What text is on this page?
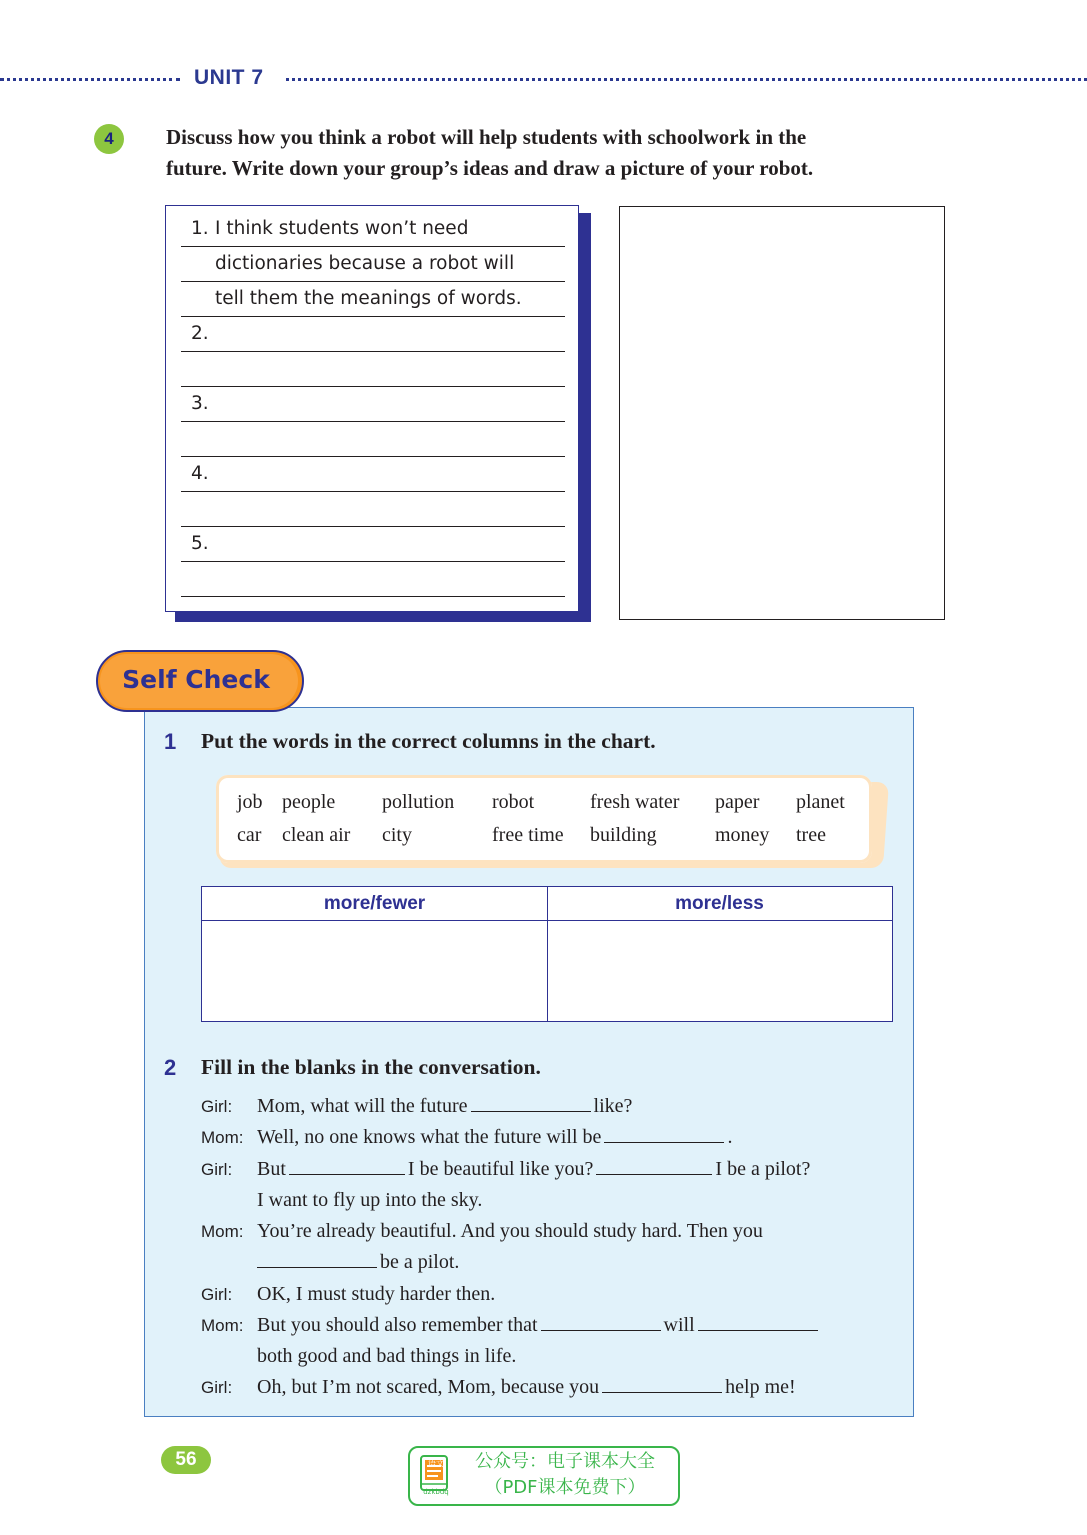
UNIT 7
4	Discuss how you think a robot will help students with schoolwork in the
future. Write down your group’s ideas and draw a picture of your robot.
1. I think students won’t need
dictionaries because a robot will
tell them the meanings of words.
2.
3.
4.
5.
Self Check
1 Put the words in the correct columns in the chart.
job people pollution robot	fresh water paper planet
car clean air city	free time building	money tree
more/fewer	more/less
2 Fill in the blanks in the conversation.
Girl: Mom, what will the future	like?
Mom: Well, no one knows what the future will be	.
Girl: But	I be beautiful like you?	I be a pilot?
I want to fly up into the sky.
Mom: You’re already beautiful. And you should study hard. Then you
be a pilot.
Girl: OK, I must study harder then.
Mom: But you should also remember that	will
both good and bad things in life.
Girl: Oh, but I’m not scared, Mom, because you	help me!
56	公众号：电子课本大全
（PDF课本免费下）
dzkbdq
语文
